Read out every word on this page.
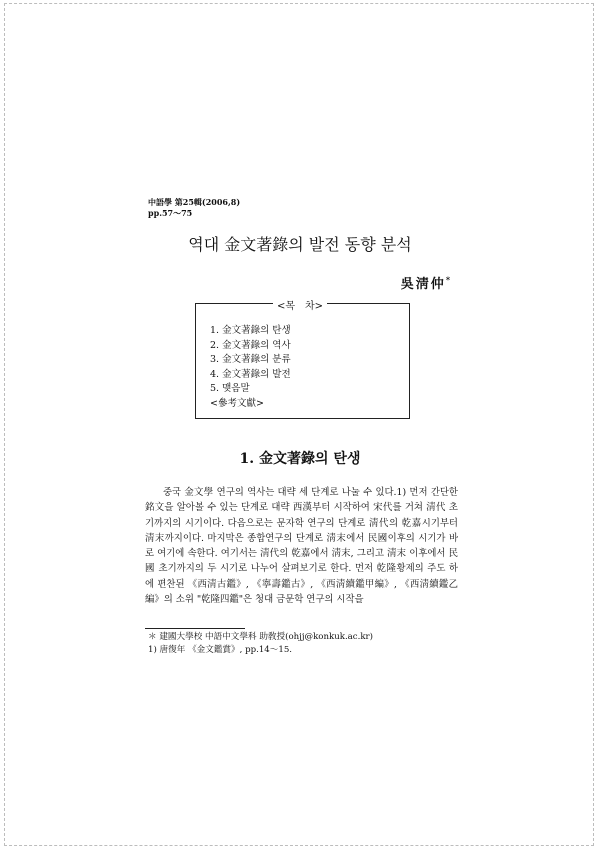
中語學 第25輯(2006,8)
pp.57～75
역대 金文著錄의 발전 동향 분석
吳淸仲*
<목　차>
1. 金文著錄의 탄생
2. 金文著錄의 역사
3. 金文著錄의 분류
4. 金文著錄의 발전
5. 맺음말
<參考文獻>
1. 金文著錄의 탄생

중국 金文學 연구의 역사는 대략 세 단계로 나눌 수 있다.1) 먼저 간단한 銘文을 알아볼 수 있는 단계로 대략 西漢부터 시작하여 宋代를 거쳐 淸代 초기까지의 시기이다. 다음으로는 문자학 연구의 단계로 淸代의 乾嘉시기부터 淸末까지이다. 마지막은 종합연구의 단계로 淸末에서 民國이후의 시기가 바로 여기에 속한다. 여기서는 淸代의 乾嘉에서 淸末, 그리고 淸末 이후에서 民國 초기까지의 두 시기로 나누어 살펴보기로 한다. 먼저 乾隆황제의 주도 하에 편찬된 《西淸古鑑》, 《寧壽鑑古》, 《西淸續鑑甲編》, 《西淸續鑑乙編》의 소위 "乾隆四鑑"은 청대 금문학 연구의 시작을

＊ 建國大學校 中語中文學科 助敎授(ohjj@konkuk.ac.kr)
1) 唐復年 《金文鑑賞》, pp.14～15.
